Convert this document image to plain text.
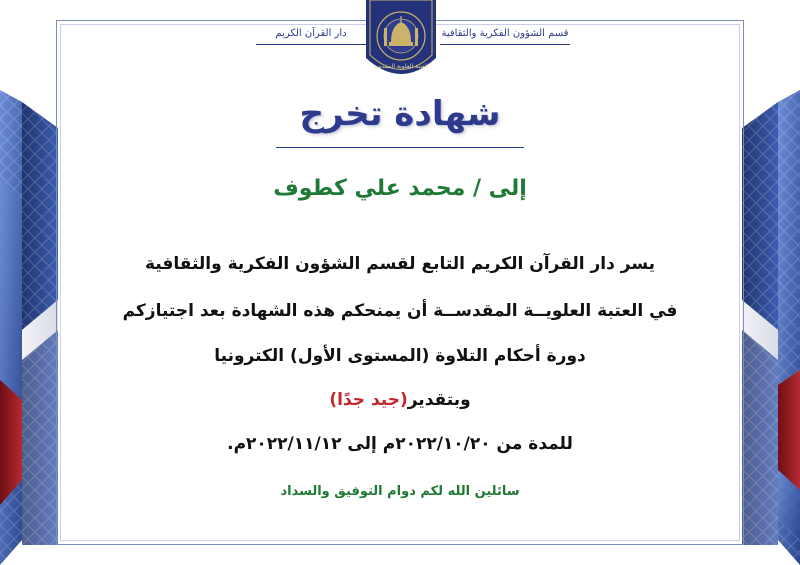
قسم الشؤون الفكرية والثقافية
دار القرآن الكريم
العتبة العلوية المقدسة
شهادة تخرج
إلى / محمد علي كطوف
يسر دار القرآن الكريم التابع لقسم الشؤون الفكرية والثقافية
في العتبة العلويــة المقدســة أن يمنحكم هذه الشهادة بعد اجتيازكم
دورة أحكام التلاوة (المستوى الأول) الكترونيا
وبتقدير(جيد جدًا)
للمدة من ٢٠٢٢/١٠/٢٠م إلى ٢٠٢٢/١١/١٢م.
سائلين الله لكم دوام التوفيق والسداد
